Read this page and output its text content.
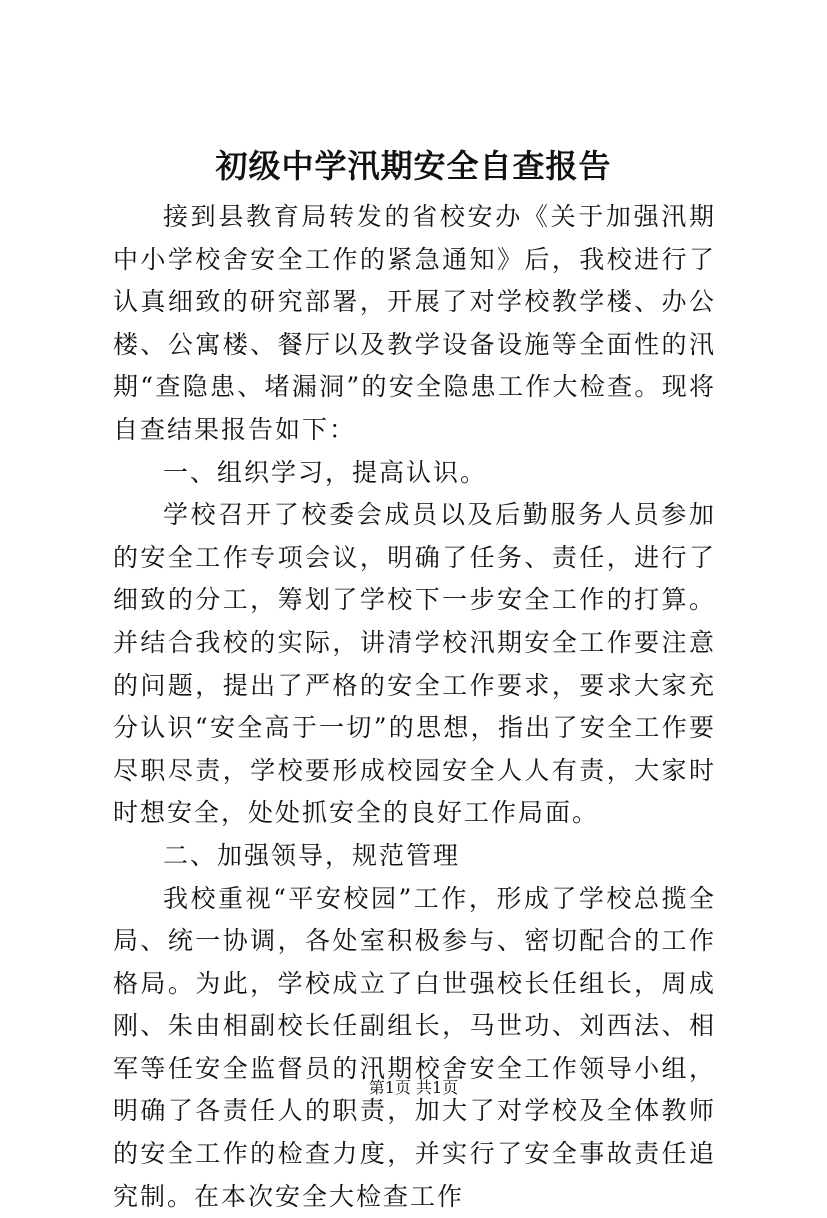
初级中学汛期安全自查报告

接到县教育局转发的省校安办《关于加强汛期中小学校舍安全工作的紧急通知》后，我校进行了认真细致的研究部署，开展了对学校教学楼、办公楼、公寓楼、餐厅以及教学设备设施等全面性的汛期“查隐患、堵漏洞”的安全隐患工作大检查。现将自查结果报告如下：

一、组织学习，提高认识。

学校召开了校委会成员以及后勤服务人员参加的安全工作专项会议，明确了任务、责任，进行了细致的分工，筹划了学校下一步安全工作的打算。并结合我校的实际，讲清学校汛期安全工作要注意的问题，提出了严格的安全工作要求，要求大家充分认识“安全高于一切”的思想，指出了安全工作要尽职尽责，学校要形成校园安全人人有责，大家时时想安全，处处抓安全的良好工作局面。

二、加强领导，规范管理

我校重视“平安校园”工作，形成了学校总揽全局、统一协调，各处室积极参与、密切配合的工作格局。为此，学校成立了白世强校长任组长，周成刚、朱由相副校长任副组长，马世功、刘西法、相军等任安全监督员的汛期校舍安全工作领导小组，明确了各责任人的职责，加大了对学校及全体教师的安全工作的检查力度，并实行了安全事故责任追究制。在本次安全大检查工作

第1页 共1页
